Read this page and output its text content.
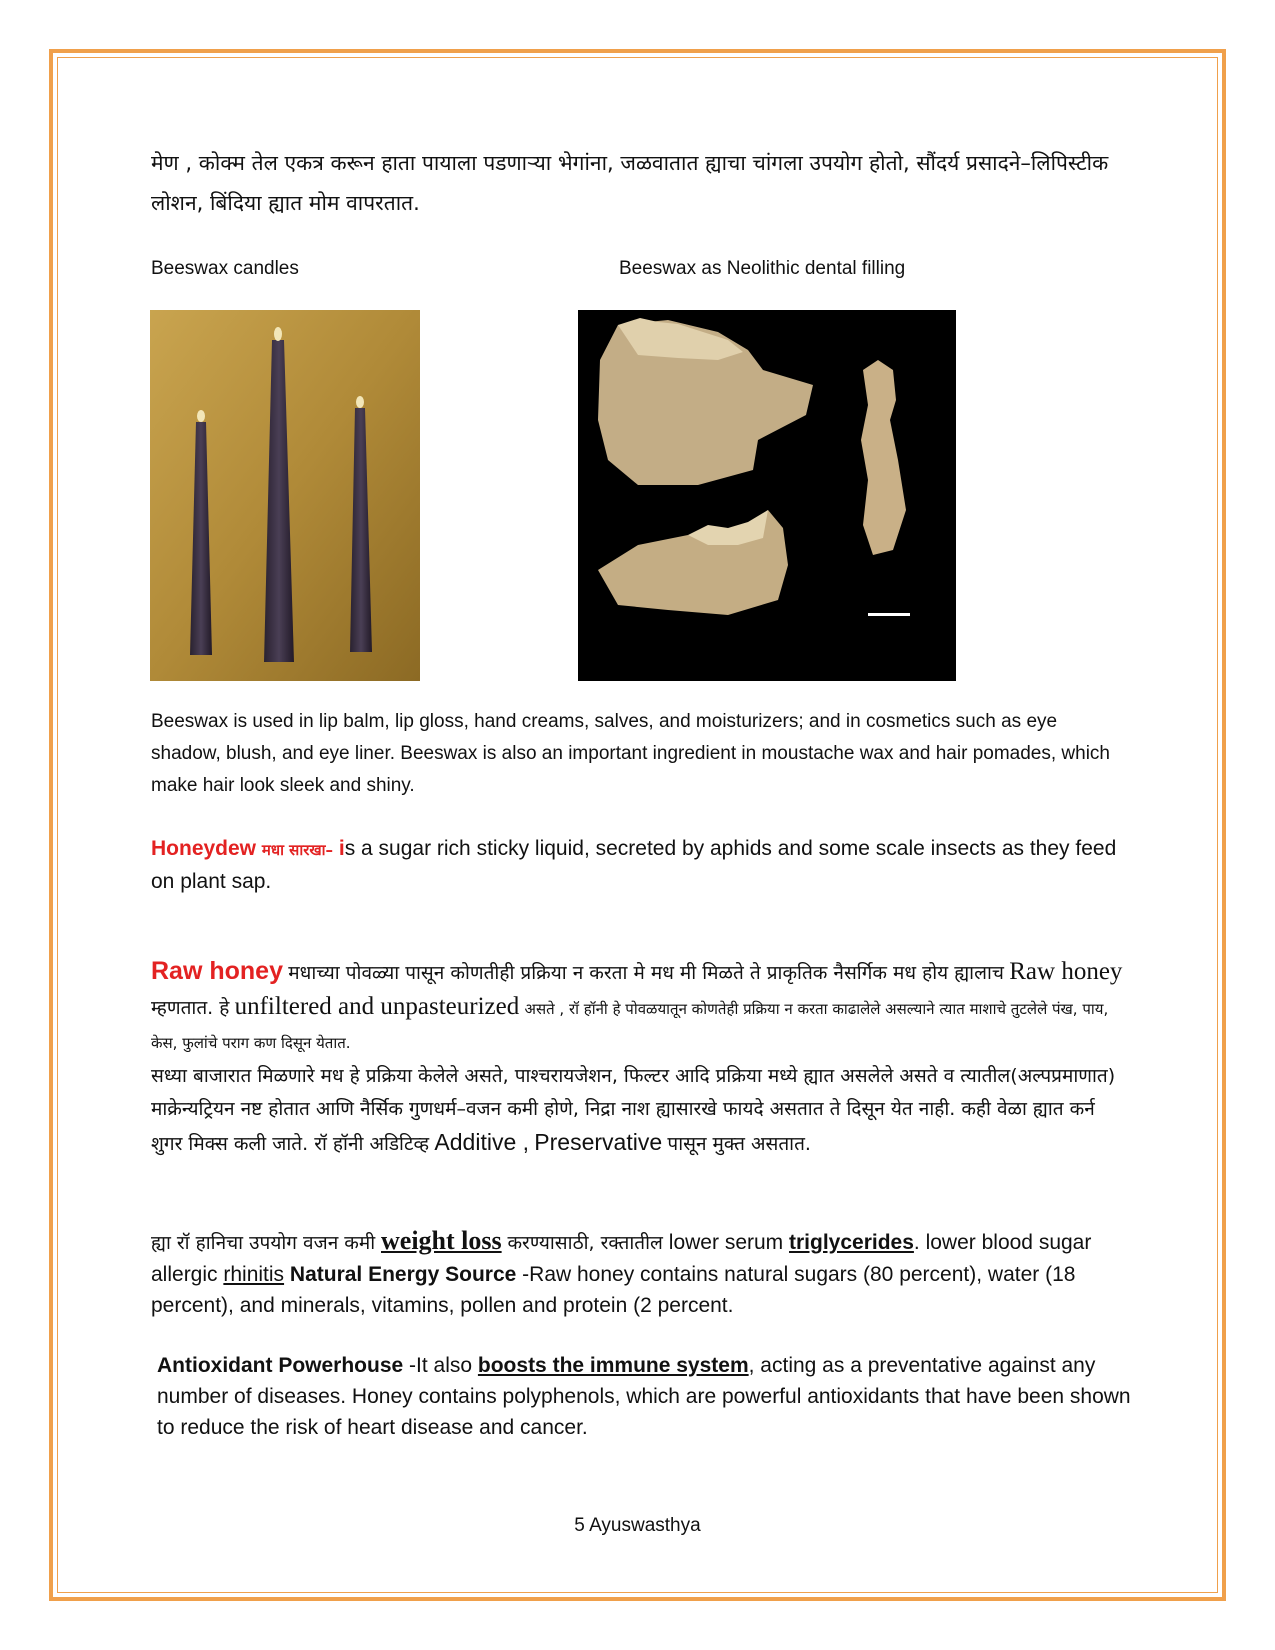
मेण , कोक्म तेल एकत्र करून हाता पायाला पडणाऱ्या भेगांना, जळवातात ह्याचा चांगला उपयोग होतो, सौंदर्य प्रसादने–लिपिस्टीक लोशन, बिंदिया ह्यात मोम वापरतात.
Beeswax candles	Beeswax as Neolithic dental filling
Beeswax is used in lip balm, lip gloss, hand creams, salves, and moisturizers; and in cosmetics such as eye shadow, blush, and eye liner. Beeswax is also an important ingredient in moustache wax and hair pomades, which make hair look sleek and shiny.
Honeydew मधा सारखा– is a sugar rich sticky liquid, secreted by aphids and some scale insects as they feed on plant sap.
Raw honey मधाच्या पोवळ्या पासून कोणतीही प्रक्रिया न करता मे मध मी मिळते ते प्राकृतिक नैसर्गिक मध होय ह्यालाच Raw honey म्हणतात. हे unfiltered and unpasteurized असते , रॉ हॉनी हे पोवळयातून कोणतेही प्रक्रिया न करता काढालेले असल्याने त्यात माशाचे तुटलेले पंख, पाय, केस, फुलांचे पराग कण दिसून येतात.
सध्या बाजारात मिळणारे मध हे प्रक्रिया केलेले असते, पाश्चरायजेशन, फिल्टर आदि प्रक्रिया मध्ये ह्यात असलेले असते व त्यातील(अल्पप्रमाणात) माक्रेन्यट्रियन नष्ट होतात आणि नैर्सिक गुणधर्म–वजन कमी होणे, निद्रा नाश ह्यासारखे फायदे असतात ते दिसून येत नाही. कही वेळा ह्यात कर्न शुगर मिक्स कली जाते. रॉ हॉनी अडिटिव्ह Additive , Preservative पासून मुक्त असतात.
ह्या रॉ हानिचा उपयोग वजन कमी weight loss करण्यासाठी, रक्तातील lower serum triglycerides. lower blood sugar allergic rhinitis Natural Energy Source -Raw honey contains natural sugars (80 percent), water (18 percent), and minerals, vitamins, pollen and protein (2 percent.
Antioxidant Powerhouse -It also boosts the immune system, acting as a preventative against any number of diseases. Honey contains polyphenols, which are powerful antioxidants that have been shown to reduce the risk of heart disease and cancer.
5 Ayuswasthya
